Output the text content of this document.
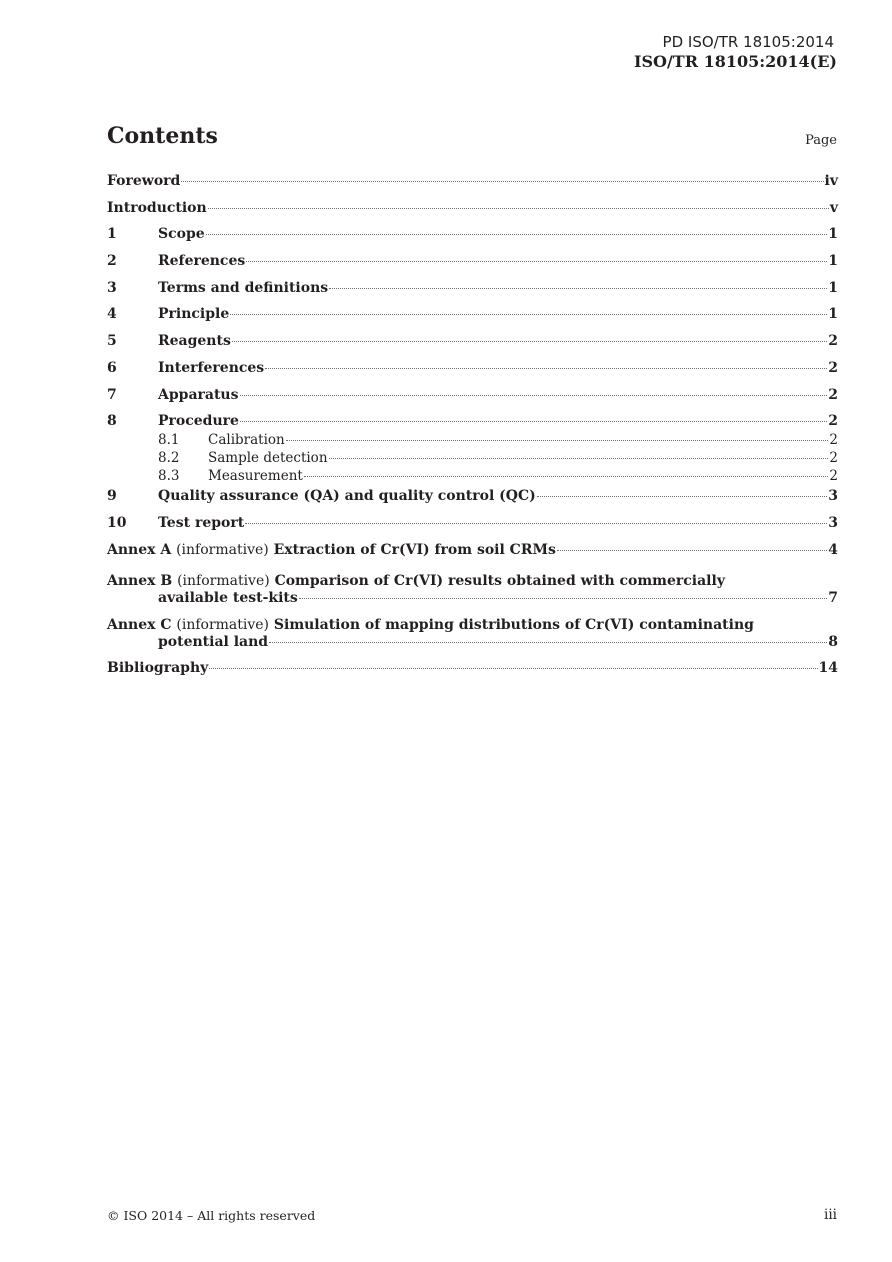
PD ISO/TR 18105:2014
ISO/TR 18105:2014(E)
Contents	Page
Foreword	iv
Introduction	v
1	Scope	1
2	References	1
3	Terms and definitions	1
4	Principle	1
5	Reagents	2
6	Interferences	2
7	Apparatus	2
8	Procedure	2
8.1	Calibration	2
8.2	Sample detection	2
8.3	Measurement	2
9	Quality assurance (QA) and quality control (QC)	3
10	Test report	3
Annex A (informative) Extraction of Cr(VI) from soil CRMs	4
Annex B (informative) Comparison of Cr(VI) results obtained with commercially
available test-kits	7
Annex C (informative) Simulation of mapping distributions of Cr(VI) contaminating
potential land	8
Bibliography	14
© ISO 2014 – All rights reserved	iii
